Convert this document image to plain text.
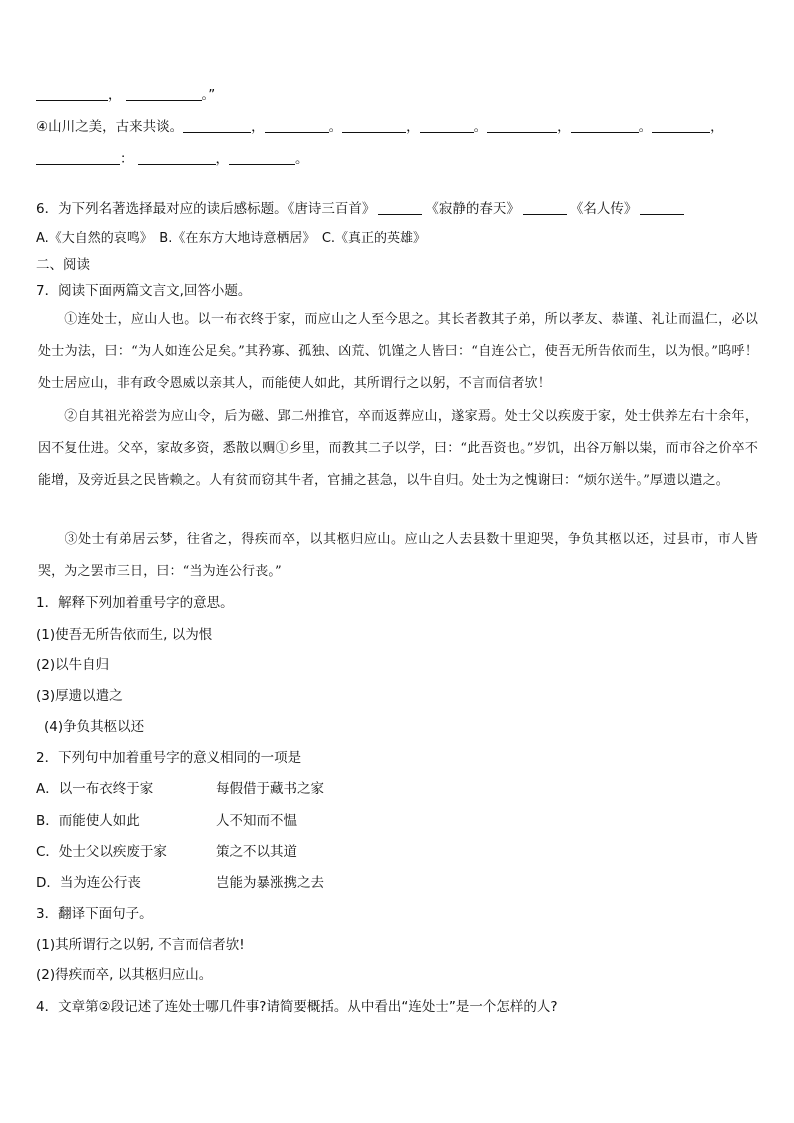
，	。”
④山川之美，古来共谈。	，	。	，	。	，	。	，
：	，	。
6．为下列名著选择最对应的读后感标题。《唐诗三百首》	《寂静的春天》	《名人传》
A.《大自然的哀鸣》　B.《在东方大地诗意栖居》　C.《真正的英雄》
二、阅读
7．阅读下面两篇文言文,回答小题。
①连处士，应山人也。以一布衣终于家，而应山之人至今思之。其长者教其子弟，所以孝友、恭谨、礼让而温仁，必以处士为法，曰：“为人如连公足矣。”其矜寡、孤独、凶荒、饥馑之人皆曰：“自连公亡，使吾无所告依而生，以为恨。”呜呼！处士居应山，非有政令恩威以亲其人，而能使人如此，其所谓行之以躬，不言而信者欤！
②自其祖光裕尝为应山令，后为磁、郢二州推官，卒而返葬应山，遂家焉。处士父以疾废于家，处士供养左右十余年，因不复仕进。父卒，家故多资，悉散以赒①乡里，而教其二子以学，曰：“此吾资也。”岁饥，出谷万斛以粜，而市谷之价卒不能增，及旁近县之民皆赖之。人有贫而窃其牛者，官捕之甚急，以牛自归。处士为之愧谢曰：“烦尔送牛。”厚遗以遣之。
③处士有弟居云梦，往省之，得疾而卒，以其柩归应山。应山之人去县数十里迎哭，争负其柩以还，过县市，市人皆哭，为之罢市三日，曰：“当为连公行丧。”
1．解释下列加着重号字的意思。
(1)使吾无所告依而生, 以为恨
(2)以牛自归
(3)厚遗以遣之
(4)争负其柩以还
2．下列句中加着重号字的意义相同的一项是
A．以一布衣终于家	每假借于藏书之家
B．而能使人如此	人不知而不愠
C．处士父以疾废于家	策之不以其道
D．当为连公行丧	岂能为暴涨携之去
3．翻译下面句子。
(1)其所谓行之以躬, 不言而信者欤!
(2)得疾而卒, 以其柩归应山。
4．文章第②段记述了连处士哪几件事?请简要概括。从中看出“连处士”是一个怎样的人?
